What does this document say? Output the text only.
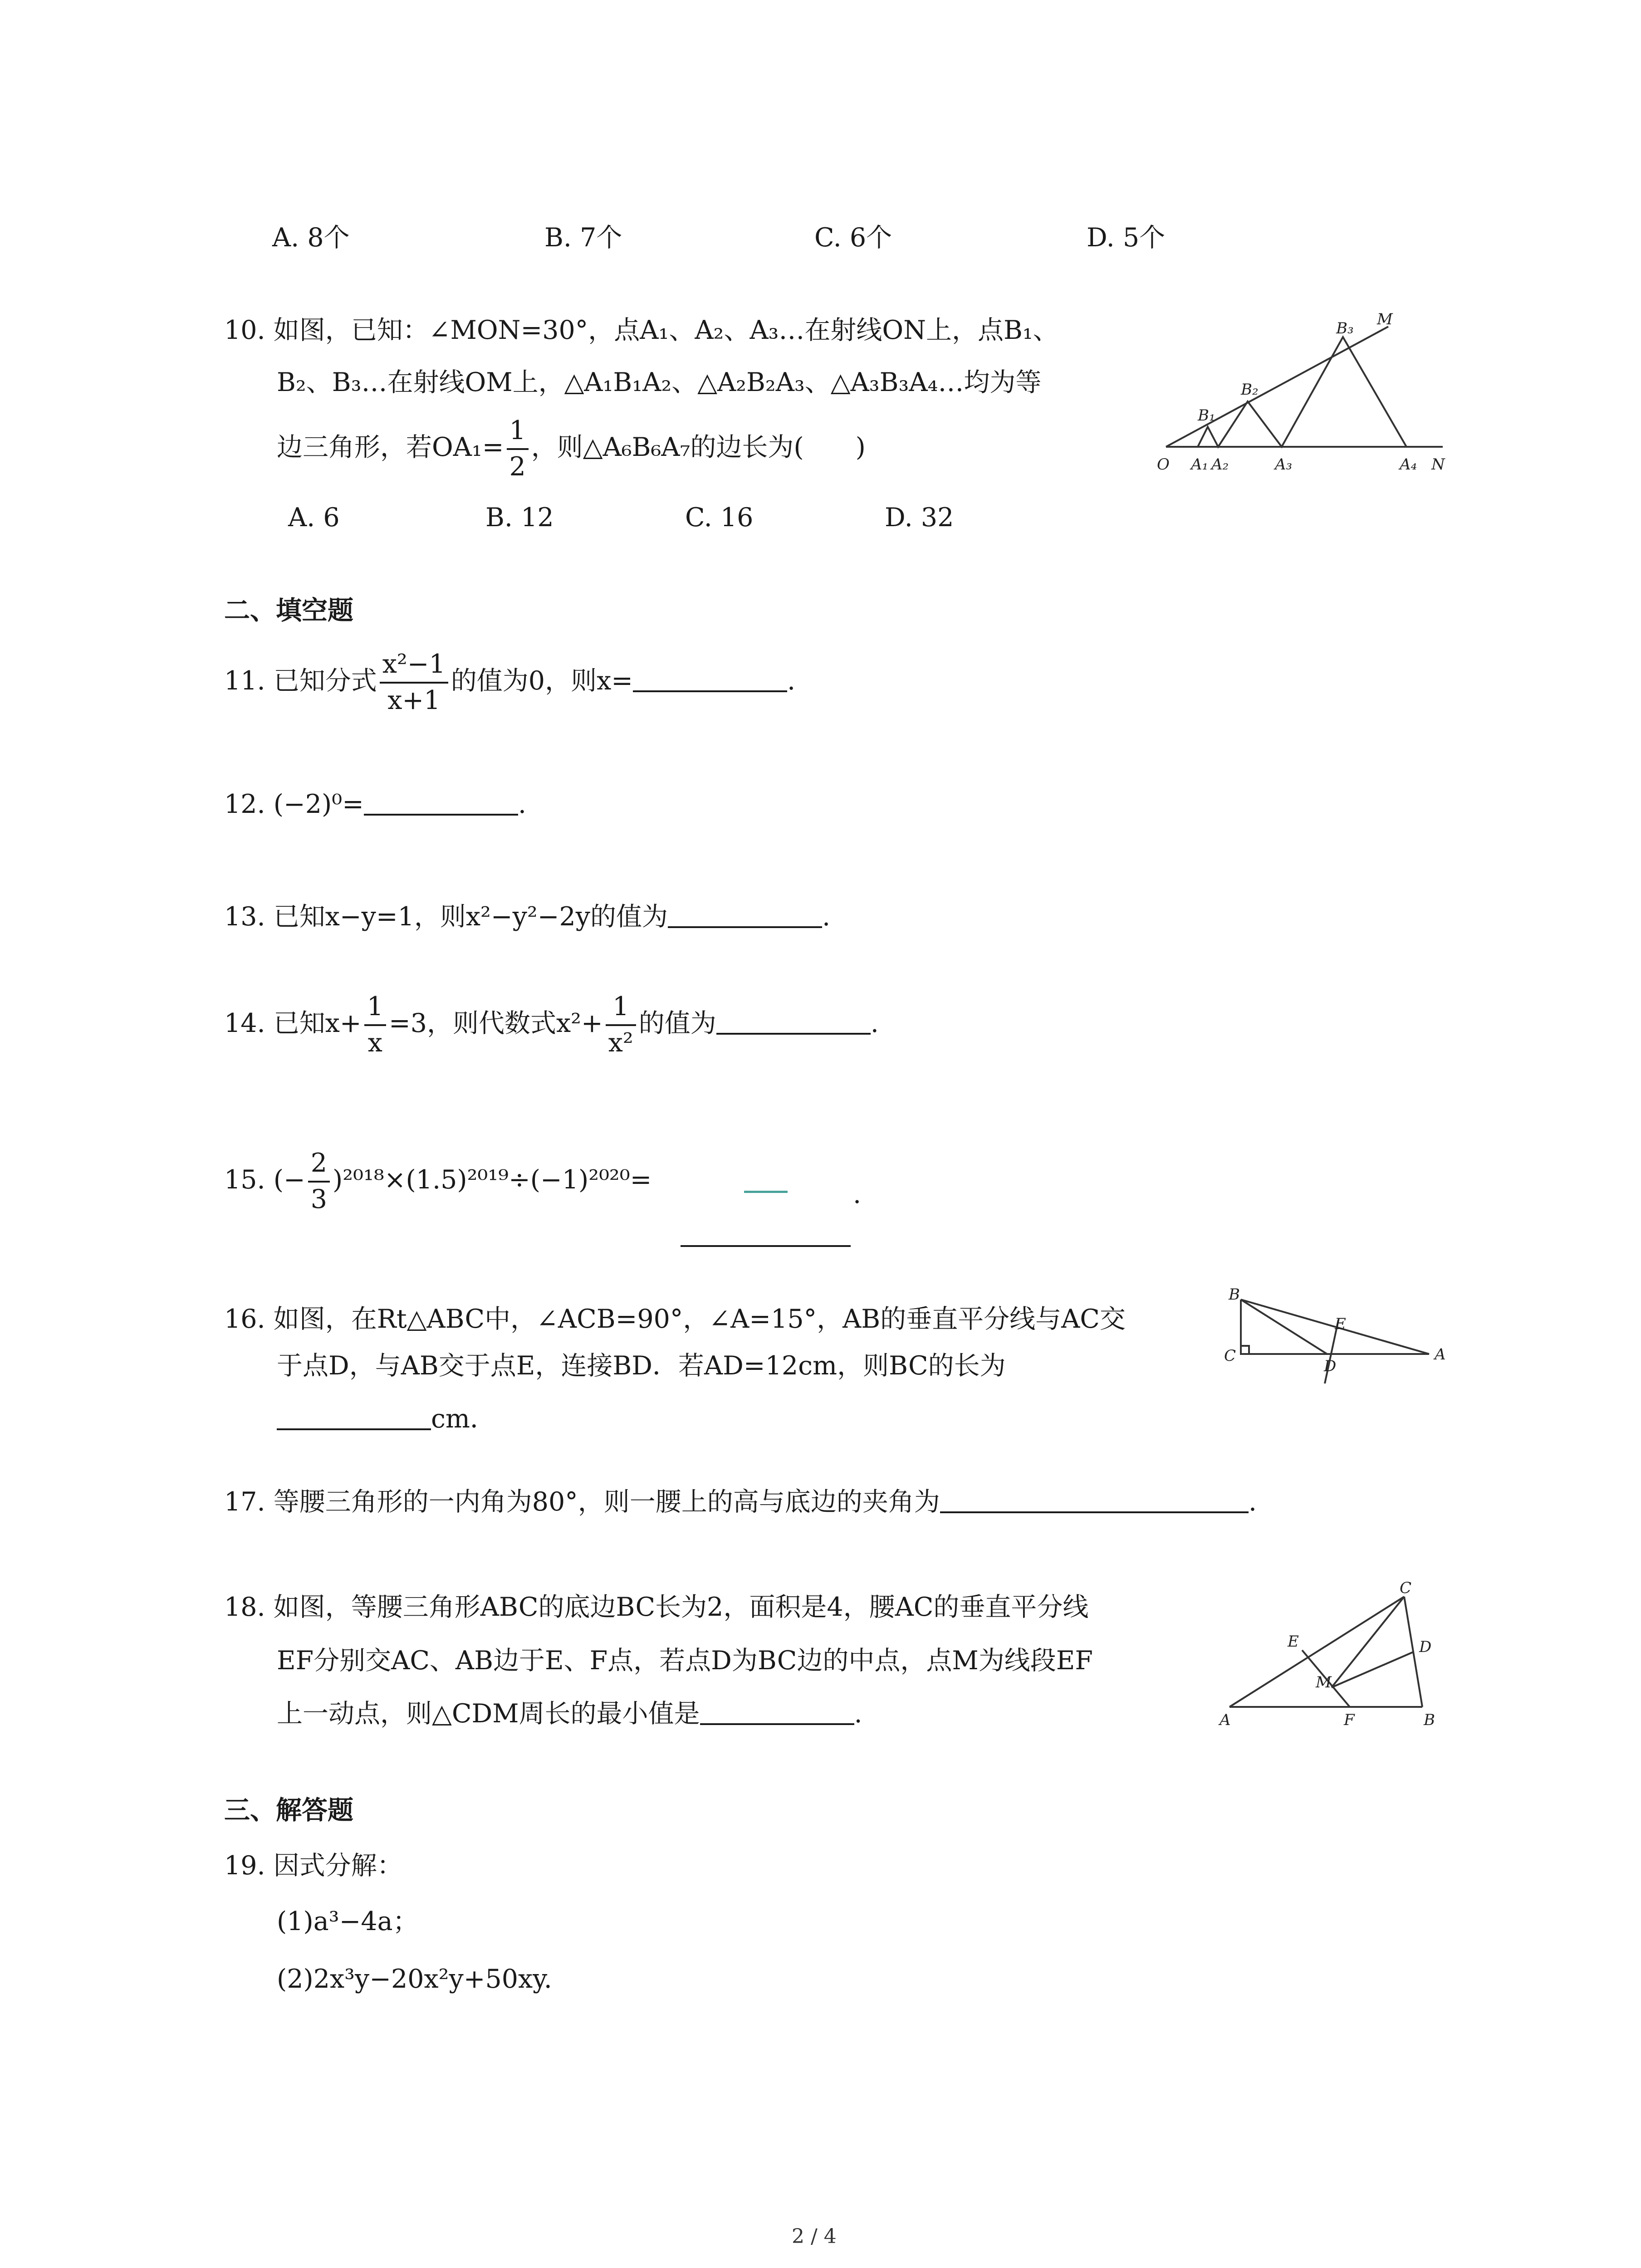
A. 8个	B. 7个	C. 6个	D. 5个
10. 如图，已知：∠MON=30°，点A₁、A₂、A₃…在射线ON上，点B₁、
B₂、B₃…在射线OM上，△A₁B₁A₂、△A₂B₂A₃、△A₃B₃A₄…均为等
边三角形，若$OA_1= \frac{1}{2}$ ，则△A₆B₆A₇的边长为(　　)
A. 6	B. 12	C. 16	D. 32
O A₁ A₂	A₃	A₄ N
B₁
B₂
B₃ M
二、填空题
11. 已知分式 $\frac{\text{x²−1}}{x+1}$ 的值为0，则x=	.
12. (−2)⁰=	.
13. 已知x−y=1，则x²−y²−2y的值为	.
14. 已知$x+ \frac{1}{x} =3$，则代数式$x^2+ \frac{1}{\text{x²}}$ 的值为	.
15. (− $\frac{2}{3} )^{2018}\times(1.5)^{2019}\div(-1)^{2020}=$	.
16. 如图，在Rt△ABC中，∠ACB=90°，∠A=15°，AB的垂直平分线与AC交
于点D，与AB交于点E，连接BD．若AD=12cm，则BC的长为
cm．
B
C
D
E
A
17. 等腰三角形的一内角为80°，则一腰上的高与底边的夹角为	.
18. 如图，等腰三角形ABC的底边BC长为2，面积是4，腰AC的垂直平分线
EF分别交AC、AB边于E、F点，若点D为BC边的中点，点M为线段EF
上一动点，则△CDM周长的最小值是	.
C
E	D
M
A	F	B
三、解答题
19. 因式分解：
(1)a³−4a；
(2)2x³y−20x²y+50xy.
2 / 4
